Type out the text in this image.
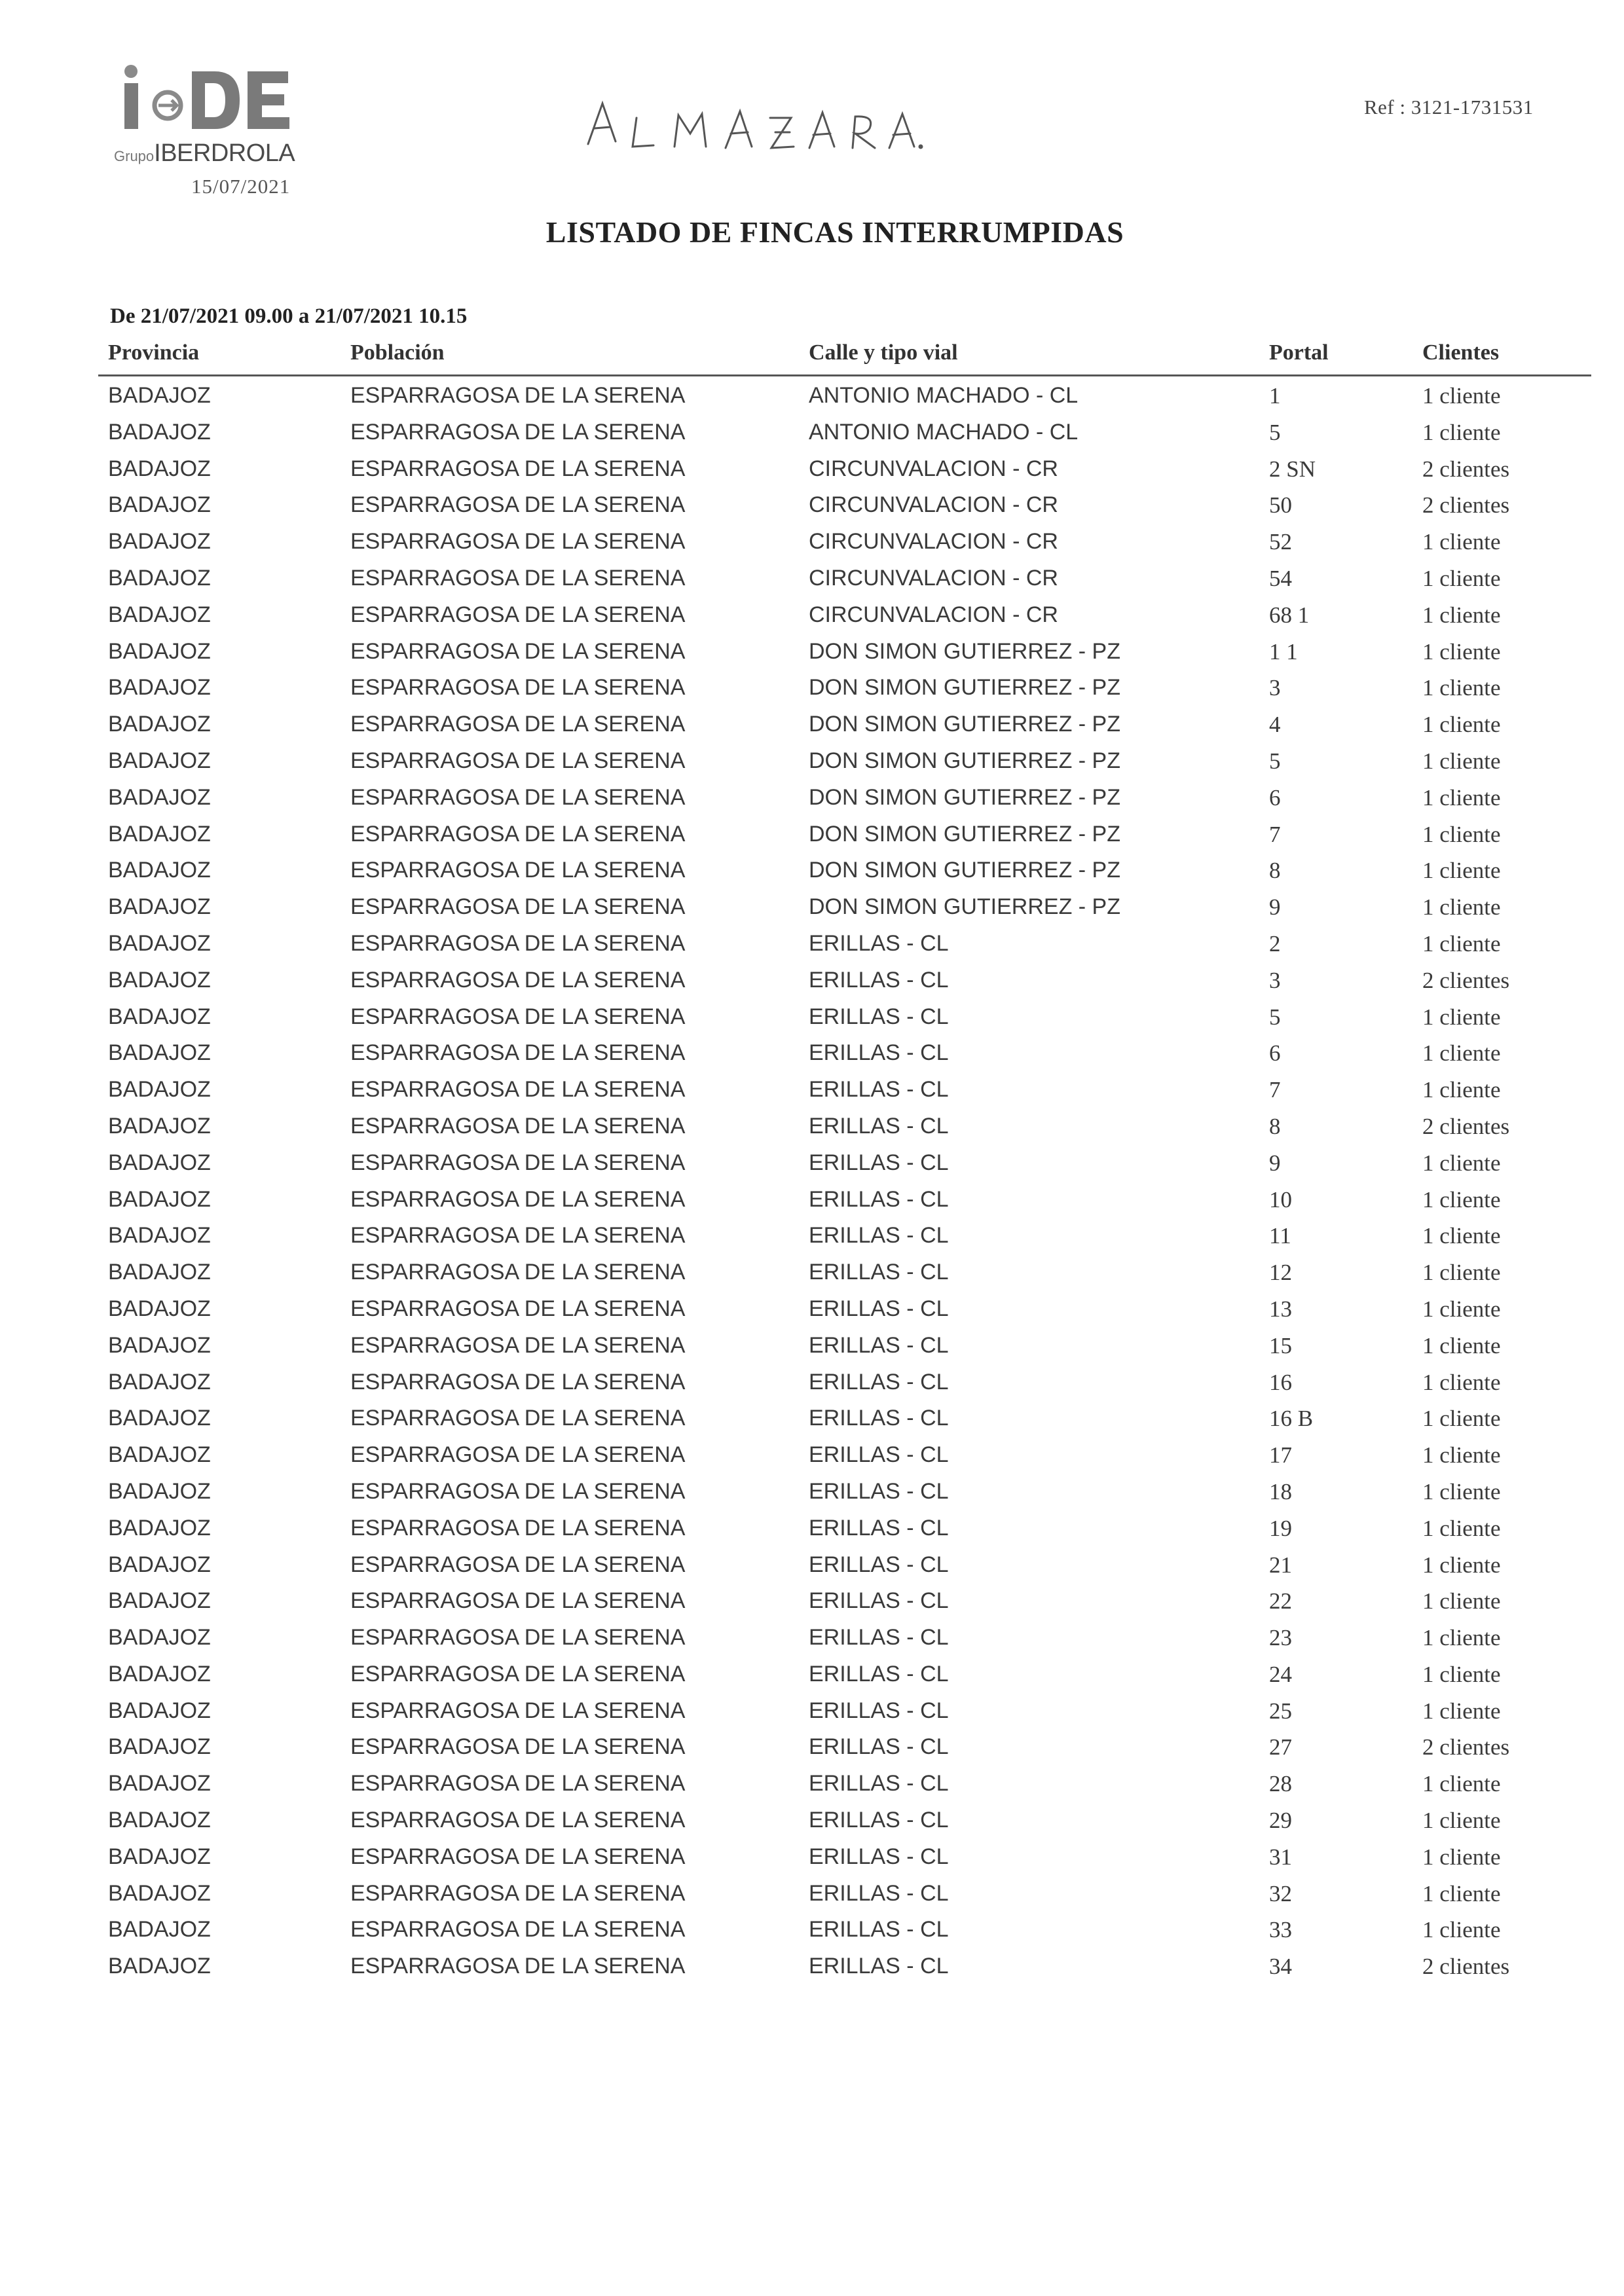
GrupoIBERDROLA
15/07/2021
Ref : 3121-1731531
LISTADO DE FINCAS INTERRUMPIDAS
De 21/07/2021 09.00 a 21/07/2021 10.15
Provincia	Población	Calle y tipo vial	Portal	Clientes
BADAJOZ	ESPARRAGOSA DE LA SERENA	ANTONIO MACHADO - CL	1	1 cliente
BADAJOZ	ESPARRAGOSA DE LA SERENA	ANTONIO MACHADO - CL	5	1 cliente
BADAJOZ	ESPARRAGOSA DE LA SERENA	CIRCUNVALACION - CR	2 SN	2 clientes
BADAJOZ	ESPARRAGOSA DE LA SERENA	CIRCUNVALACION - CR	50	2 clientes
BADAJOZ	ESPARRAGOSA DE LA SERENA	CIRCUNVALACION - CR	52	1 cliente
BADAJOZ	ESPARRAGOSA DE LA SERENA	CIRCUNVALACION - CR	54	1 cliente
BADAJOZ	ESPARRAGOSA DE LA SERENA	CIRCUNVALACION - CR	68 1	1 cliente
BADAJOZ	ESPARRAGOSA DE LA SERENA	DON SIMON GUTIERREZ - PZ	1 1	1 cliente
BADAJOZ	ESPARRAGOSA DE LA SERENA	DON SIMON GUTIERREZ - PZ	3	1 cliente
BADAJOZ	ESPARRAGOSA DE LA SERENA	DON SIMON GUTIERREZ - PZ	4	1 cliente
BADAJOZ	ESPARRAGOSA DE LA SERENA	DON SIMON GUTIERREZ - PZ	5	1 cliente
BADAJOZ	ESPARRAGOSA DE LA SERENA	DON SIMON GUTIERREZ - PZ	6	1 cliente
BADAJOZ	ESPARRAGOSA DE LA SERENA	DON SIMON GUTIERREZ - PZ	7	1 cliente
BADAJOZ	ESPARRAGOSA DE LA SERENA	DON SIMON GUTIERREZ - PZ	8	1 cliente
BADAJOZ	ESPARRAGOSA DE LA SERENA	DON SIMON GUTIERREZ - PZ	9	1 cliente
BADAJOZ	ESPARRAGOSA DE LA SERENA	ERILLAS - CL	2	1 cliente
BADAJOZ	ESPARRAGOSA DE LA SERENA	ERILLAS - CL	3	2 clientes
BADAJOZ	ESPARRAGOSA DE LA SERENA	ERILLAS - CL	5	1 cliente
BADAJOZ	ESPARRAGOSA DE LA SERENA	ERILLAS - CL	6	1 cliente
BADAJOZ	ESPARRAGOSA DE LA SERENA	ERILLAS - CL	7	1 cliente
BADAJOZ	ESPARRAGOSA DE LA SERENA	ERILLAS - CL	8	2 clientes
BADAJOZ	ESPARRAGOSA DE LA SERENA	ERILLAS - CL	9	1 cliente
BADAJOZ	ESPARRAGOSA DE LA SERENA	ERILLAS - CL	10	1 cliente
BADAJOZ	ESPARRAGOSA DE LA SERENA	ERILLAS - CL	11	1 cliente
BADAJOZ	ESPARRAGOSA DE LA SERENA	ERILLAS - CL	12	1 cliente
BADAJOZ	ESPARRAGOSA DE LA SERENA	ERILLAS - CL	13	1 cliente
BADAJOZ	ESPARRAGOSA DE LA SERENA	ERILLAS - CL	15	1 cliente
BADAJOZ	ESPARRAGOSA DE LA SERENA	ERILLAS - CL	16	1 cliente
BADAJOZ	ESPARRAGOSA DE LA SERENA	ERILLAS - CL	16 B	1 cliente
BADAJOZ	ESPARRAGOSA DE LA SERENA	ERILLAS - CL	17	1 cliente
BADAJOZ	ESPARRAGOSA DE LA SERENA	ERILLAS - CL	18	1 cliente
BADAJOZ	ESPARRAGOSA DE LA SERENA	ERILLAS - CL	19	1 cliente
BADAJOZ	ESPARRAGOSA DE LA SERENA	ERILLAS - CL	21	1 cliente
BADAJOZ	ESPARRAGOSA DE LA SERENA	ERILLAS - CL	22	1 cliente
BADAJOZ	ESPARRAGOSA DE LA SERENA	ERILLAS - CL	23	1 cliente
BADAJOZ	ESPARRAGOSA DE LA SERENA	ERILLAS - CL	24	1 cliente
BADAJOZ	ESPARRAGOSA DE LA SERENA	ERILLAS - CL	25	1 cliente
BADAJOZ	ESPARRAGOSA DE LA SERENA	ERILLAS - CL	27	2 clientes
BADAJOZ	ESPARRAGOSA DE LA SERENA	ERILLAS - CL	28	1 cliente
BADAJOZ	ESPARRAGOSA DE LA SERENA	ERILLAS - CL	29	1 cliente
BADAJOZ	ESPARRAGOSA DE LA SERENA	ERILLAS - CL	31	1 cliente
BADAJOZ	ESPARRAGOSA DE LA SERENA	ERILLAS - CL	32	1 cliente
BADAJOZ	ESPARRAGOSA DE LA SERENA	ERILLAS - CL	33	1 cliente
BADAJOZ	ESPARRAGOSA DE LA SERENA	ERILLAS - CL	34	2 clientes
